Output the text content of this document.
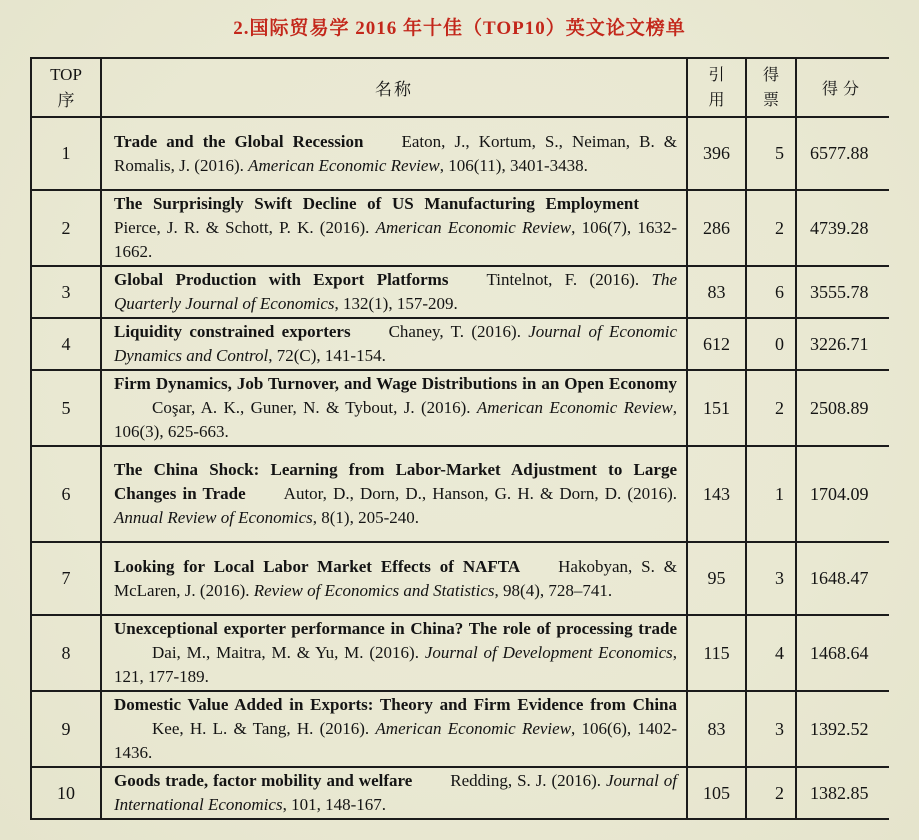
2.国际贸易学 2016 年十佳（TOP10）英文论文榜单
TOP
序	名称	引用	得票	得分
1	Trade and the Global Recession Eaton, J., Kortum, S., Neiman, B. & Romalis, J. (2016). American Economic Review, 106(11), 3401-3438.	396	5	6577.88
2	The Surprisingly Swift Decline of US Manufacturing EmploymentPierce, J. R. & Schott, P. K. (2016). American Economic Review, 106(7), 1632-1662.	286	2	4739.28
3	Global Production with Export Platforms Tintelnot, F. (2016). The Quarterly Journal of Economics, 132(1), 157-209.	83	6	3555.78
4	Liquidity constrained exporters Chaney, T. (2016). Journal of Economic Dynamics and Control, 72(C), 141-154.	612	0	3226.71
5	Firm Dynamics, Job Turnover, and Wage Distributions in an Open EconomyCoşar, A. K., Guner, N. & Tybout, J. (2016). American Economic Review, 106(3), 625-663.	151	2	2508.89
6	The China Shock: Learning from Labor-Market Adjustment to Large Changes in Trade Autor, D., Dorn, D., Hanson, G. H. & Dorn, D. (2016). Annual Review of Economics, 8(1), 205-240.	143	1	1704.09
7	Looking for Local Labor Market Effects of NAFTA Hakobyan, S. & McLaren, J. (2016). Review of Economics and Statistics, 98(4), 728–741.	95	3	1648.47
8	Unexceptional exporter performance in China? The role of processing tradeDai, M., Maitra, M. & Yu, M. (2016). Journal of Development Economics, 121, 177-189.	115	4	1468.64
9	Domestic Value Added in Exports: Theory and Firm Evidence from ChinaKee, H. L. & Tang, H. (2016). American Economic Review, 106(6), 1402-1436.	83	3	1392.52
10	Goods trade, factor mobility and welfare Redding, S. J. (2016). Journal of International Economics, 101, 148-167.	105	2	1382.85
